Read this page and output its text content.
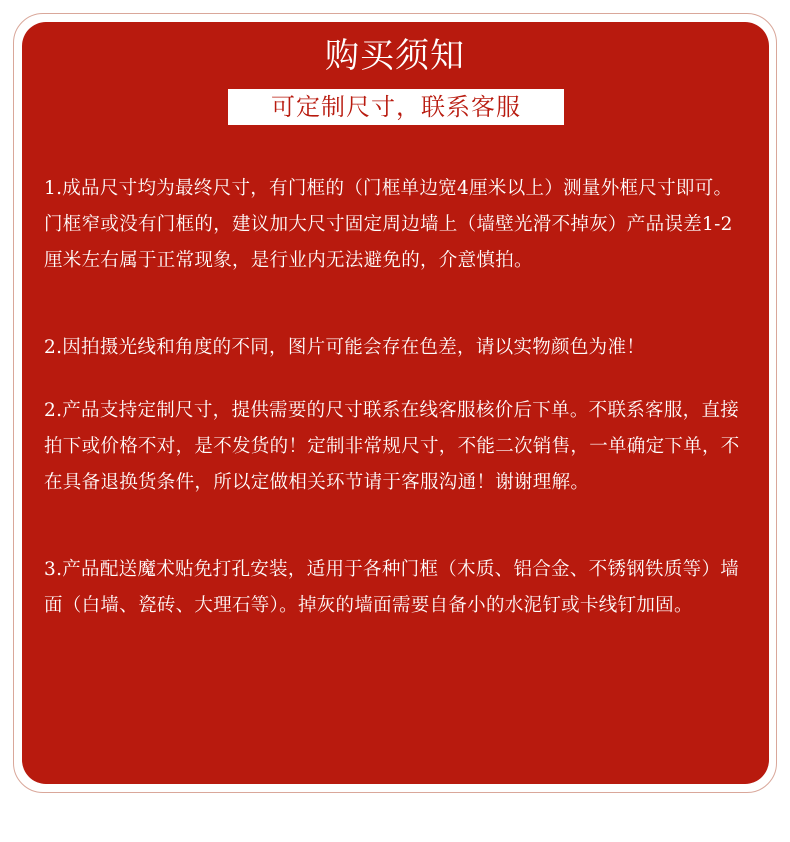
购买须知
可定制尺寸，联系客服

1.成品尺寸均为最终尺寸，有门框的（门框单边宽4厘米以上）测量外框尺寸即可。门框窄或没有门框的，建议加大尺寸固定周边墙上（墙壁光滑不掉灰）产品误差1-2厘米左右属于正常现象，是行业内无法避免的，介意慎拍。

2.因拍摄光线和角度的不同，图片可能会存在色差，请以实物颜色为准！

2.产品支持定制尺寸，提供需要的尺寸联系在线客服核价后下单。不联系客服，直接拍下或价格不对，是不发货的！定制非常规尺寸，不能二次销售，一单确定下单，不在具备退换货条件，所以定做相关环节请于客服沟通！谢谢理解。

3.产品配送魔术贴免打孔安装，适用于各种门框（木质、铝合金、不锈钢铁质等）墙面（白墙、瓷砖、大理石等）。掉灰的墙面需要自备小的水泥钉或卡线钉加固。
